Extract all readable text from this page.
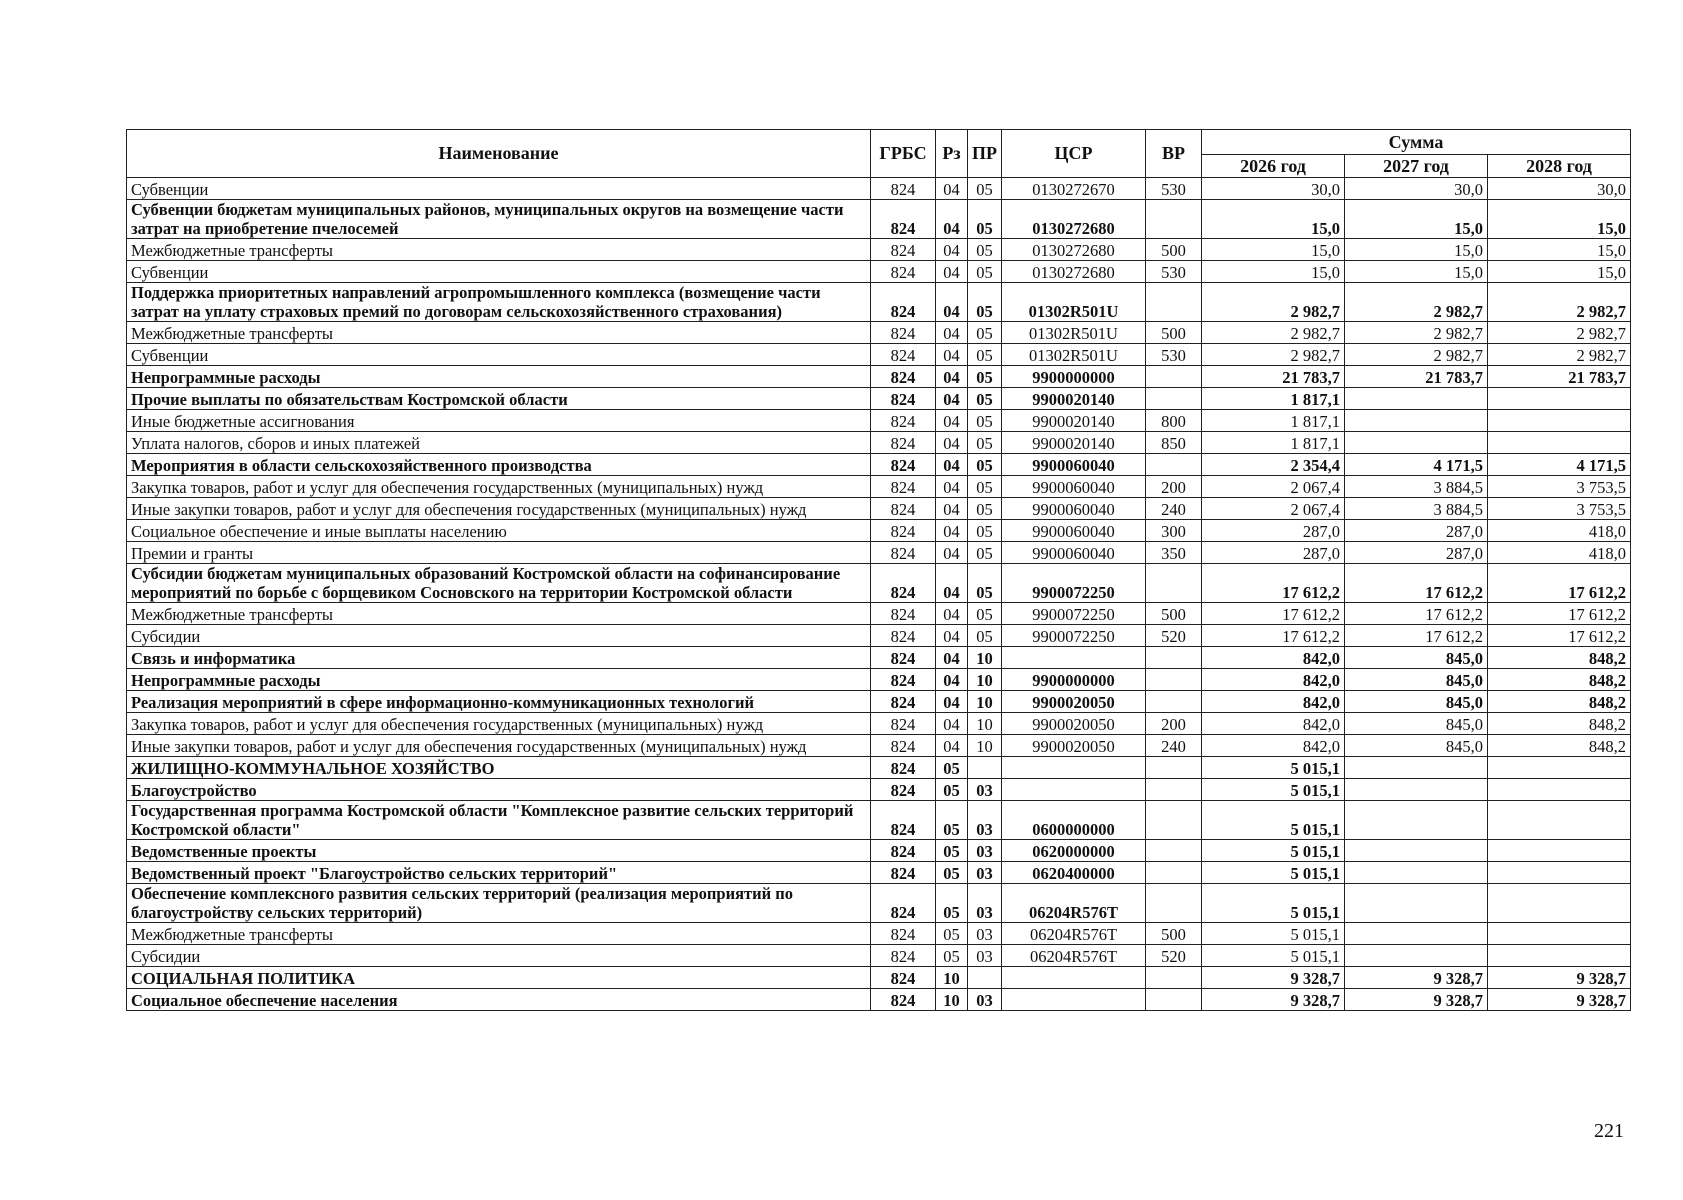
Наименование	ГРБС	Рз	ПР	ЦСР	ВР	Сумма		
						2026 год	2027 год	2028 год
Субвенции	824	04	05	0130272670	530	30,0	30,0	30,0
Субвенции бюджетам муниципальных районов, муниципальных округов на возмещение части затрат на приобретение пчелосемей	824	04	05	0130272680		15,0	15,0	15,0
Межбюджетные трансферты	824	04	05	0130272680	500	15,0	15,0	15,0
Субвенции	824	04	05	0130272680	530	15,0	15,0	15,0
Поддержка приоритетных направлений агропромышленного комплекса (возмещение части затрат на уплату страховых премий по договорам сельскохозяйственного страхования)	824	04	05	01302R501U		2 982,7	2 982,7	2 982,7
Межбюджетные трансферты	824	04	05	01302R501U	500	2 982,7	2 982,7	2 982,7
Субвенции	824	04	05	01302R501U	530	2 982,7	2 982,7	2 982,7
Непрограммные расходы	824	04	05	9900000000		21 783,7	21 783,7	21 783,7
Прочие выплаты по обязательствам Костромской области	824	04	05	9900020140		1 817,1		
Иные бюджетные ассигнования	824	04	05	9900020140	800	1 817,1		
Уплата налогов, сборов и иных платежей	824	04	05	9900020140	850	1 817,1		
Мероприятия в области сельскохозяйственного производства	824	04	05	9900060040		2 354,4	4 171,5	4 171,5
Закупка товаров, работ и услуг для обеспечения государственных (муниципальных) нужд	824	04	05	9900060040	200	2 067,4	3 884,5	3 753,5
Иные закупки товаров, работ и услуг для обеспечения государственных (муниципальных) нужд	824	04	05	9900060040	240	2 067,4	3 884,5	3 753,5
Социальное обеспечение и иные выплаты населению	824	04	05	9900060040	300	287,0	287,0	418,0
Премии и гранты	824	04	05	9900060040	350	287,0	287,0	418,0
Субсидии бюджетам муниципальных образований Костромской области на софинансирование мероприятий по борьбе с борщевиком Сосновского на территории Костромской области	824	04	05	9900072250		17 612,2	17 612,2	17 612,2
Межбюджетные трансферты	824	04	05	9900072250	500	17 612,2	17 612,2	17 612,2
Субсидии	824	04	05	9900072250	520	17 612,2	17 612,2	17 612,2
Связь и информатика	824	04	10			842,0	845,0	848,2
Непрограммные расходы	824	04	10	9900000000		842,0	845,0	848,2
Реализация мероприятий в сфере информационно-коммуникационных технологий	824	04	10	9900020050		842,0	845,0	848,2
Закупка товаров, работ и услуг для обеспечения государственных (муниципальных) нужд	824	04	10	9900020050	200	842,0	845,0	848,2
Иные закупки товаров, работ и услуг для обеспечения государственных (муниципальных) нужд	824	04	10	9900020050	240	842,0	845,0	848,2
ЖИЛИЩНО-КОММУНАЛЬНОЕ ХОЗЯЙСТВО	824	05				5 015,1		
Благоустройство	824	05	03			5 015,1		
Государственная программа Костромской области "Комплексное развитие сельских территорий Костромской области"	824	05	03	0600000000		5 015,1		
Ведомственные проекты	824	05	03	0620000000		5 015,1		
Ведомственный проект "Благоустройство сельских территорий"	824	05	03	0620400000		5 015,1		
Обеспечение комплексного развития сельских территорий (реализация мероприятий по благоустройству сельских территорий)	824	05	03	06204R576T		5 015,1		
Межбюджетные трансферты	824	05	03	06204R576T	500	5 015,1		
Субсидии	824	05	03	06204R576T	520	5 015,1		
СОЦИАЛЬНАЯ ПОЛИТИКА	824	10				9 328,7	9 328,7	9 328,7
Социальное обеспечение населения	824	10	03			9 328,7	9 328,7	9 328,7
221
